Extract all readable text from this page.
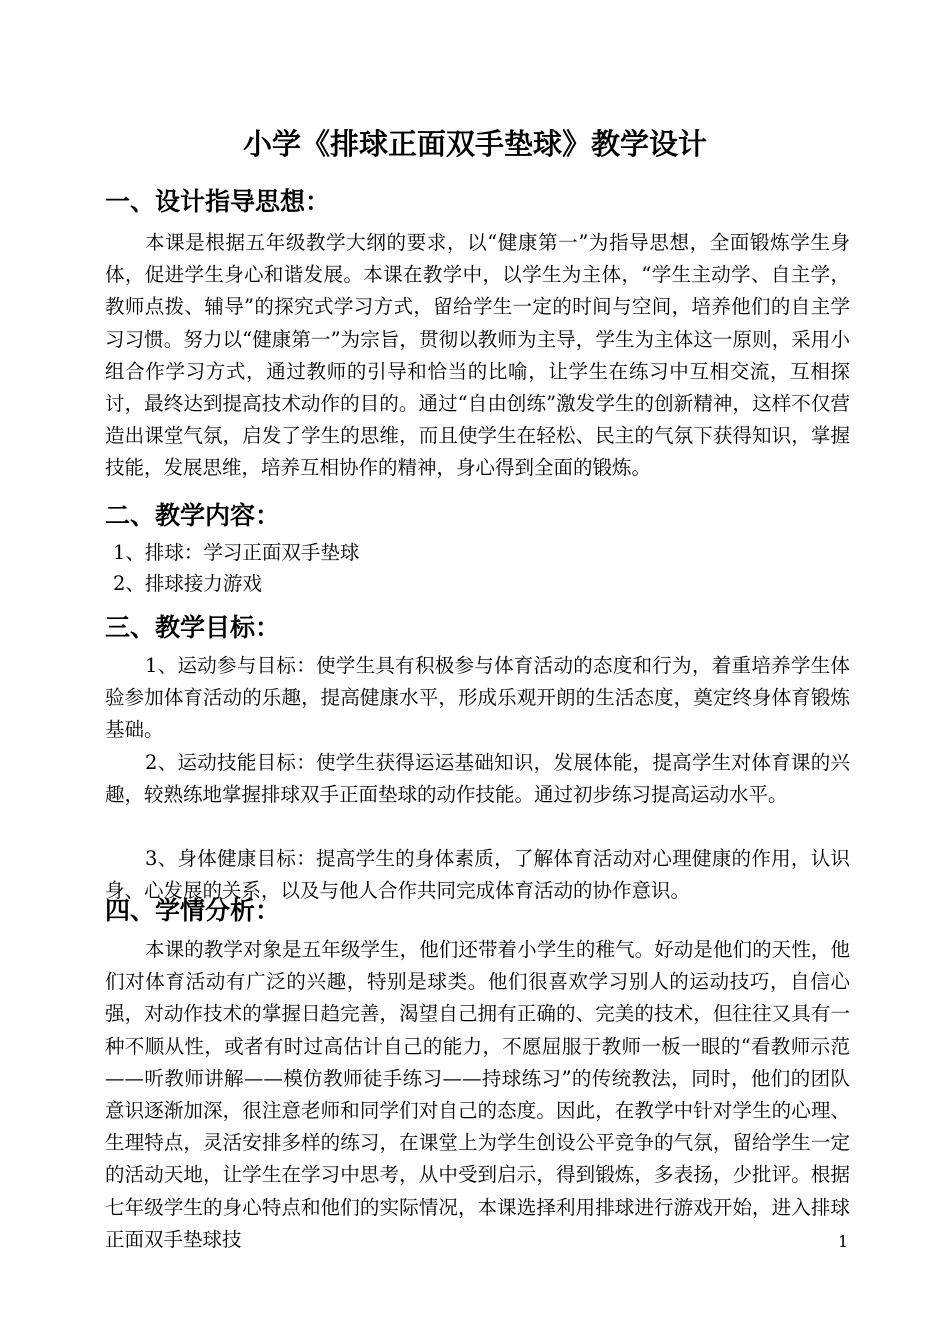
小学《排球正面双手垫球》教学设计
一、设计指导思想：

本课是根据五年级教学大纲的要求，以“健康第一”为指导思想，全面锻炼学生身体，促进学生身心和谐发展。本课在教学中，以学生为主体，“学生主动学、自主学，教师点拨、辅导”的探究式学习方式，留给学生一定的时间与空间，培养他们的自主学习习惯。努力以“健康第一”为宗旨，贯彻以教师为主导，学生为主体这一原则，采用小组合作学习方式，通过教师的引导和恰当的比喻，让学生在练习中互相交流，互相探讨，最终达到提高技术动作的目的。通过“自由创练”激发学生的创新精神，这样不仅营造出课堂气氛，启发了学生的思维，而且使学生在轻松、民主的气氛下获得知识，掌握技能，发展思维，培养互相协作的精神，身心得到全面的锻炼。

二、教学内容：
1、排球：学习正面双手垫球
2、排球接力游戏
三、教学目标：

1、运动参与目标：使学生具有积极参与体育活动的态度和行为，着重培养学生体验参加体育活动的乐趣，提高健康水平，形成乐观开朗的生活态度，奠定终身体育锻炼基础。

2、运动技能目标：使学生获得运运基础知识，发展体能，提高学生对体育课的兴趣，较熟练地掌握排球双手正面垫球的动作技能。通过初步练习提高运动水平。

3、身体健康目标：提高学生的身体素质，了解体育活动对心理健康的作用，认识身、心发展的关系，以及与他人合作共同完成体育活动的协作意识。

四、学情分析：

本课的教学对象是五年级学生，他们还带着小学生的稚气。好动是他们的天性，他们对体育活动有广泛的兴趣，特别是球类。他们很喜欢学习别人的运动技巧，自信心强，对动作技术的掌握日趋完善，渴望自己拥有正确的、完美的技术，但往往又具有一种不顺从性，或者有时过高估计自己的能力，不愿屈服于教师一板一眼的“看教师示范——听教师讲解——模仿教师徒手练习——持球练习”的传统教法，同时，他们的团队意识逐渐加深，很注意老师和同学们对自己的态度。因此，在教学中针对学生的心理、生理特点，灵活安排多样的练习，在课堂上为学生创设公平竞争的气氛，留给学生一定的活动天地，让学生在学习中思考，从中受到启示，得到锻炼，多表扬，少批评。根据七年级学生的身心特点和他们的实际情况，本课选择利用排球进行游戏开始，进入排球正面双手垫球技	1
